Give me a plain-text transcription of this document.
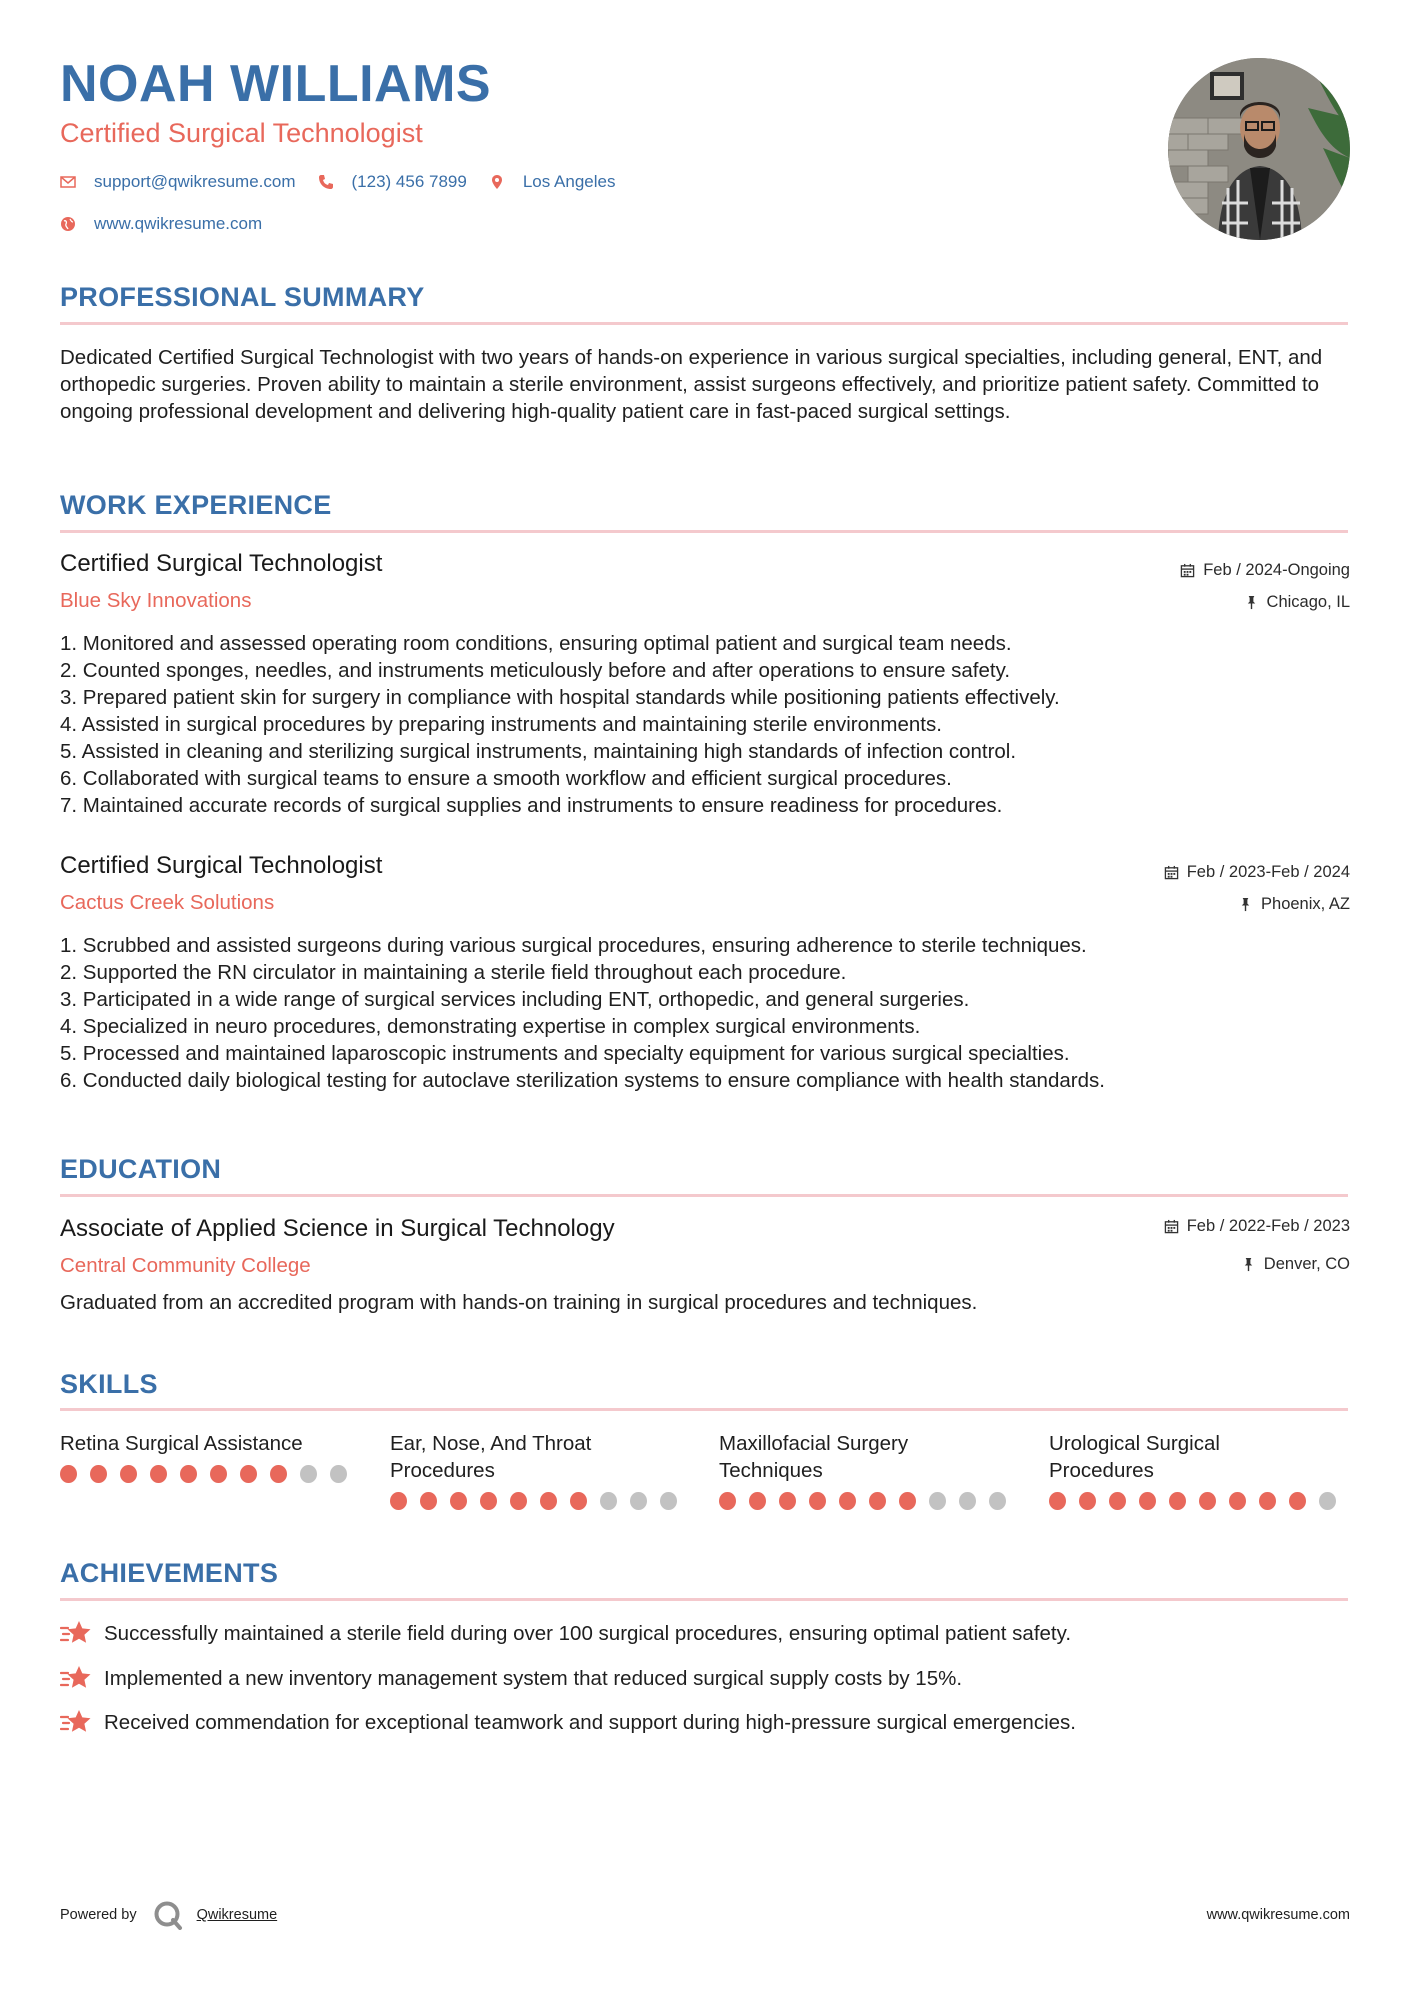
NOAH WILLIAMS
Certified Surgical Technologist
support@qwikresume.com	(123) 456 7899	Los Angeles
www.qwikresume.com
PROFESSIONAL SUMMARY
Dedicated Certified Surgical Technologist with two years of hands-on experience in various surgical specialties, including general, ENT, and orthopedic surgeries. Proven ability to maintain a sterile environment, assist surgeons effectively, and prioritize patient safety. Committed to ongoing professional development and delivering high-quality patient care in fast-paced surgical settings.
WORK EXPERIENCE
Certified Surgical Technologist
Blue Sky Innovations
Feb / 2024-Ongoing
Chicago, IL
1. Monitored and assessed operating room conditions, ensuring optimal patient and surgical team needs.
2. Counted sponges, needles, and instruments meticulously before and after operations to ensure safety.
3. Prepared patient skin for surgery in compliance with hospital standards while positioning patients effectively.
4. Assisted in surgical procedures by preparing instruments and maintaining sterile environments.
5. Assisted in cleaning and sterilizing surgical instruments, maintaining high standards of infection control.
6. Collaborated with surgical teams to ensure a smooth workflow and efficient surgical procedures.
7. Maintained accurate records of surgical supplies and instruments to ensure readiness for procedures.
Certified Surgical Technologist
Cactus Creek Solutions
Feb / 2023-Feb / 2024
Phoenix, AZ
1. Scrubbed and assisted surgeons during various surgical procedures, ensuring adherence to sterile techniques.
2. Supported the RN circulator in maintaining a sterile field throughout each procedure.
3. Participated in a wide range of surgical services including ENT, orthopedic, and general surgeries.
4. Specialized in neuro procedures, demonstrating expertise in complex surgical environments.
5. Processed and maintained laparoscopic instruments and specialty equipment for various surgical specialties.
6. Conducted daily biological testing for autoclave sterilization systems to ensure compliance with health standards.
EDUCATION
Associate of Applied Science in Surgical Technology
Central Community College
Feb / 2022-Feb / 2023
Denver, CO
Graduated from an accredited program with hands-on training in surgical procedures and techniques.
SKILLS
Retina Surgical Assistance	Ear, Nose, And Throat Procedures
Maxillofacial Surgery Techniques
Urological Surgical Procedures
ACHIEVEMENTS
Successfully maintained a sterile field during over 100 surgical procedures, ensuring optimal patient safety.
Implemented a new inventory management system that reduced surgical supply costs by 15%.
Received commendation for exceptional teamwork and support during high-pressure surgical emergencies.
Powered by	Qwikresume	www.qwikresume.com
